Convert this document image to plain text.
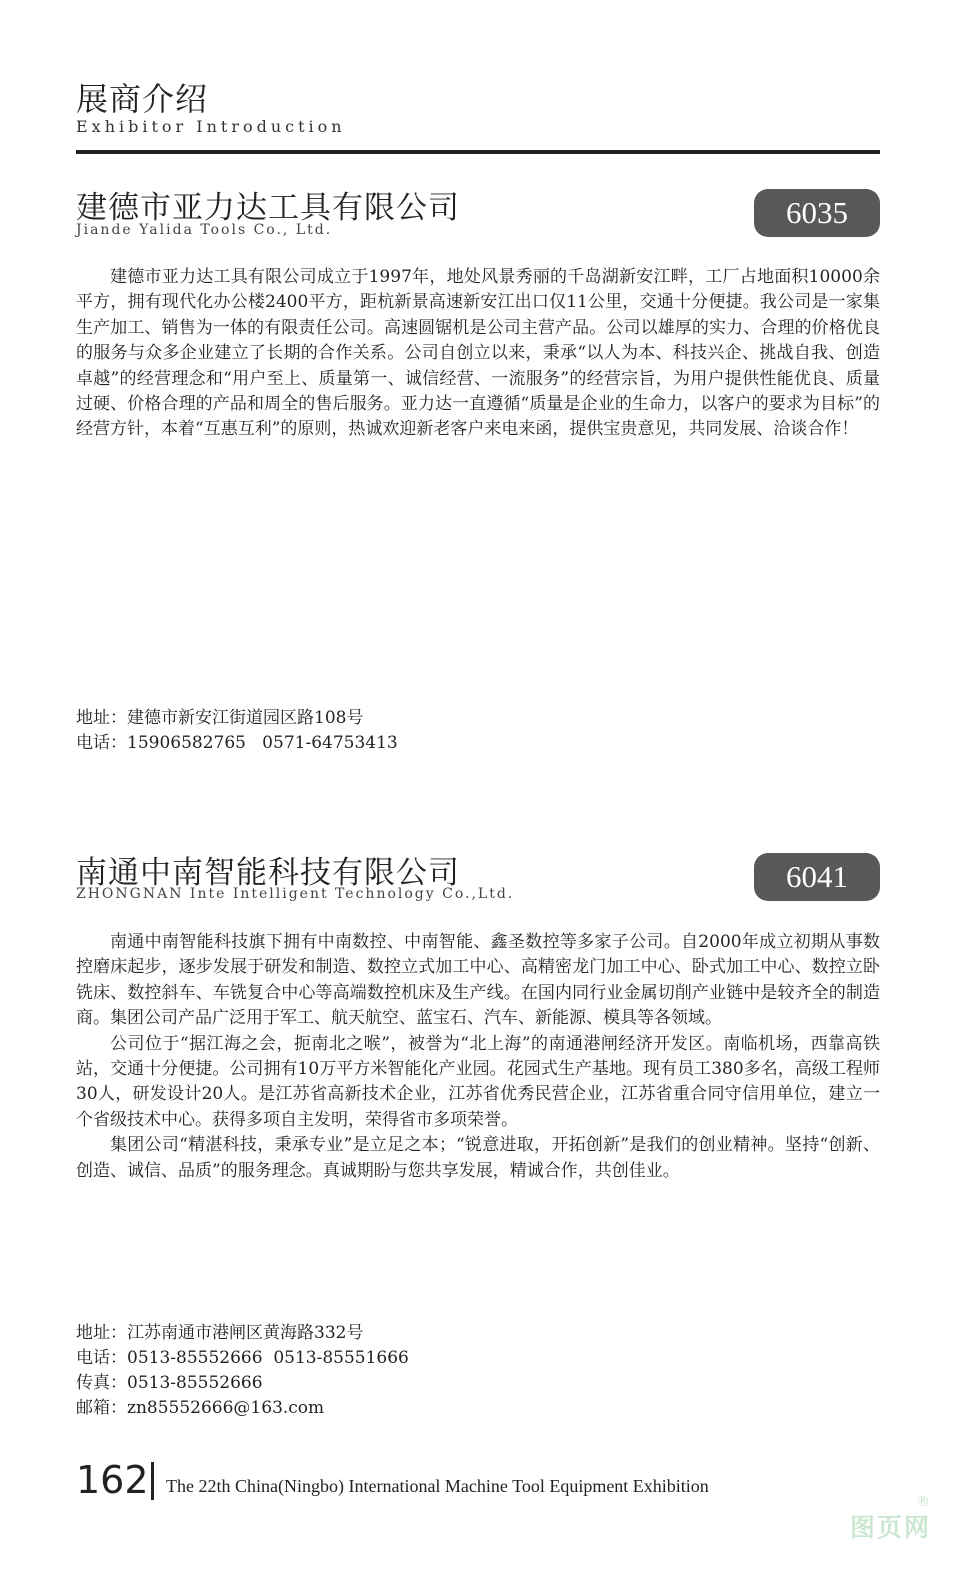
展商介绍
Exhibitor Introduction
建德市亚力达工具有限公司
Jiande Yalida Tools Co., Ltd.	6035

建德市亚力达工具有限公司成立于1997年，地处风景秀丽的千岛湖新安江畔，工厂占地面积10000余平方，拥有现代化办公楼2400平方，距杭新景高速新安江出口仅11公里，交通十分便捷。我公司是一家集生产加工、销售为一体的有限责任公司。高速圆锯机是公司主营产品。公司以雄厚的实力、合理的价格优良的服务与众多企业建立了长期的合作关系。公司自创立以来，秉承“以人为本、科技兴企、挑战自我、创造卓越”的经营理念和“用户至上、质量第一、诚信经营、一流服务”的经营宗旨，为用户提供性能优良、质量过硬、价格合理的产品和周全的售后服务。亚力达一直遵循“质量是企业的生命力，以客户的要求为目标”的经营方针，本着“互惠互利”的原则，热诚欢迎新老客户来电来函，提供宝贵意见，共同发展、洽谈合作！

地址：建德市新安江街道园区路108号
电话：15906582765   0571-64753413
南通中南智能科技有限公司
ZHONGNAN Inte Intelligent Technology Co.,Ltd.	6041

南通中南智能科技旗下拥有中南数控、中南智能、鑫圣数控等多家子公司。自2000年成立初期从事数控磨床起步，逐步发展于研发和制造、数控立式加工中心、高精密龙门加工中心、卧式加工中心、数控立卧铣床、数控斜车、车铣复合中心等高端数控机床及生产线。在国内同行业金属切削产业链中是较齐全的制造商。集团公司产品广泛用于军工、航天航空、蓝宝石、汽车、新能源、模具等各领域。

公司位于“据江海之会，扼南北之喉”，被誉为“北上海”的南通港闸经济开发区。南临机场，西靠高铁站，交通十分便捷。公司拥有10万平方米智能化产业园。花园式生产基地。现有员工380多名，高级工程师30人，研发设计20人。是江苏省高新技术企业，江苏省优秀民营企业，江苏省重合同守信用单位，建立一个省级技术中心。获得多项自主发明，荣得省市多项荣誉。

集团公司“精湛科技，秉承专业”是立足之本；“锐意进取，开拓创新”是我们的创业精神。坚持“创新、创造、诚信、品质”的服务理念。真诚期盼与您共享发展，精诚合作，共创佳业。

地址：江苏南通市港闸区黄海路332号
电话：0513-85552666  0513-85551666
传真：0513-85552666
邮箱：zn85552666@163.com
162 The 22th China(Ningbo) International Machine Tool Equipment Exhibition
图页网
®
